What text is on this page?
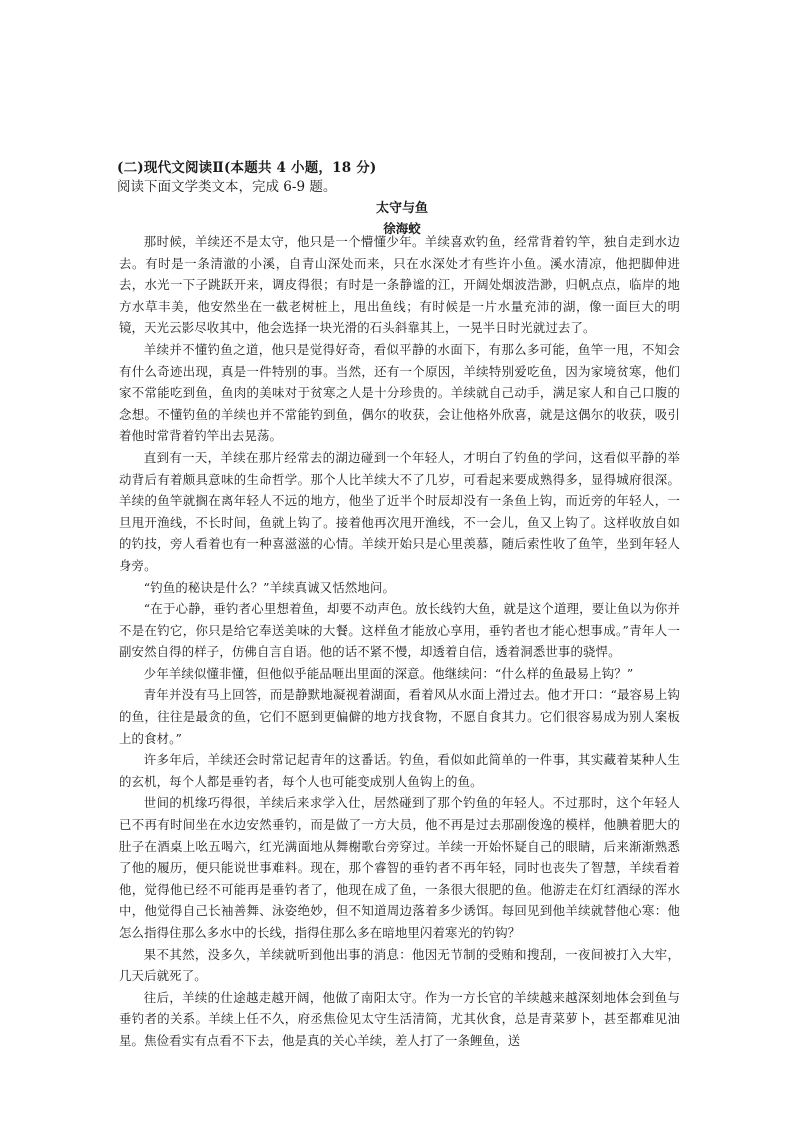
(二)现代文阅读Ⅱ(本题共 4 小题，18 分)
阅读下面文学类文本，完成 6-9 题。
太守与鱼
徐海蛟

那时候，羊续还不是太守，他只是一个懵懂少年。羊续喜欢钓鱼，经常背着钓竿，独自走到水边去。有时是一条清澈的小溪，自青山深处而来，只在水深处才有些许小鱼。溪水清凉，他把脚伸进去，水光一下子跳跃开来，调皮得很；有时是一条静谧的江，开阔处烟波浩渺，归帆点点，临岸的地方水草丰美，他安然坐在一截老树桩上，甩出鱼线；有时候是一片水量充沛的湖，像一面巨大的明镜，天光云影尽收其中，他会选择一块光滑的石头斜靠其上，一晃半日时光就过去了。

羊续并不懂钓鱼之道，他只是觉得好奇，看似平静的水面下，有那么多可能，鱼竿一甩，不知会有什么奇迹出现，真是一件特别的事。当然，还有一个原因，羊续特别爱吃鱼，因为家境贫寒，他们家不常能吃到鱼，鱼肉的美味对于贫寒之人是十分珍贵的。羊续就自己动手，满足家人和自己口腹的念想。不懂钓鱼的羊续也并不常能钓到鱼，偶尔的收获，会让他格外欣喜，就是这偶尔的收获，吸引着他时常背着钓竿出去晃荡。

直到有一天，羊续在那片经常去的湖边碰到一个年轻人，才明白了钓鱼的学问，这看似平静的举动背后有着颇具意味的生命哲学。那个人比羊续大不了几岁，可看起来要成熟得多，显得城府很深。羊续的鱼竿就搁在离年轻人不远的地方，他坐了近半个时辰却没有一条鱼上钩，而近旁的年轻人，一旦甩开渔线，不长时间，鱼就上钩了。接着他再次甩开渔线，不一会儿，鱼又上钩了。这样收放自如的钓技，旁人看着也有一种喜滋滋的心情。羊续开始只是心里羡慕，随后索性收了鱼竿，坐到年轻人身旁。

“钓鱼的秘诀是什么？”羊续真诚又恬然地问。

“在于心静，垂钓者心里想着鱼，却要不动声色。放长线钓大鱼，就是这个道理，要让鱼以为你并不是在钓它，你只是给它奉送美味的大餐。这样鱼才能放心享用，垂钓者也才能心想事成。”青年人一副安然自得的样子，仿佛自言自语。他的话不紧不慢，却透着自信，透着洞悉世事的骁悍。

少年羊续似懂非懂，但他似乎能品咂出里面的深意。他继续问：“什么样的鱼最易上钩？”

青年并没有马上回答，而是静默地凝视着湖面，看着风从水面上滑过去。他才开口：“最容易上钩的鱼，往往是最贪的鱼，它们不愿到更偏僻的地方找食物，不愿自食其力。它们很容易成为别人案板上的食材。”

许多年后，羊续还会时常记起青年的这番话。钓鱼，看似如此简单的一件事，其实藏着某种人生的玄机，每个人都是垂钓者，每个人也可能变成别人鱼钩上的鱼。

世间的机缘巧得很，羊续后来求学入仕，居然碰到了那个钓鱼的年轻人。不过那时，这个年轻人已不再有时间坐在水边安然垂钓，而是做了一方大员，他不再是过去那副俊逸的模样，他腆着肥大的肚子在酒桌上吆五喝六，红光满面地从舞榭歌台旁穿过。羊续一开始怀疑自己的眼睛，后来渐渐熟悉了他的履历，便只能说世事难料。现在，那个睿智的垂钓者不再年轻，同时也丧失了智慧，羊续看着他，觉得他已经不可能再是垂钓者了，他现在成了鱼，一条很大很肥的鱼。他游走在灯红酒绿的浑水中，他觉得自己长袖善舞、泳姿绝妙，但不知道周边落着多少诱饵。每回见到他羊续就替他心寒：他怎么指得住那么多水中的长线，指得住那么多在暗地里闪着寒光的钓钩？

果不其然，没多久，羊续就听到他出事的消息：他因无节制的受贿和搜刮，一夜间被打入大牢，几天后就死了。

往后，羊续的仕途越走越开阔，他做了南阳太守。作为一方长官的羊续越来越深刻地体会到鱼与垂钓者的关系。羊续上任不久，府丞焦俭见太守生活清简，尤其伙食，总是青菜萝卜，甚至都难见油星。焦俭看实有点看不下去，他是真的关心羊续，差人打了一条鲤鱼，送
